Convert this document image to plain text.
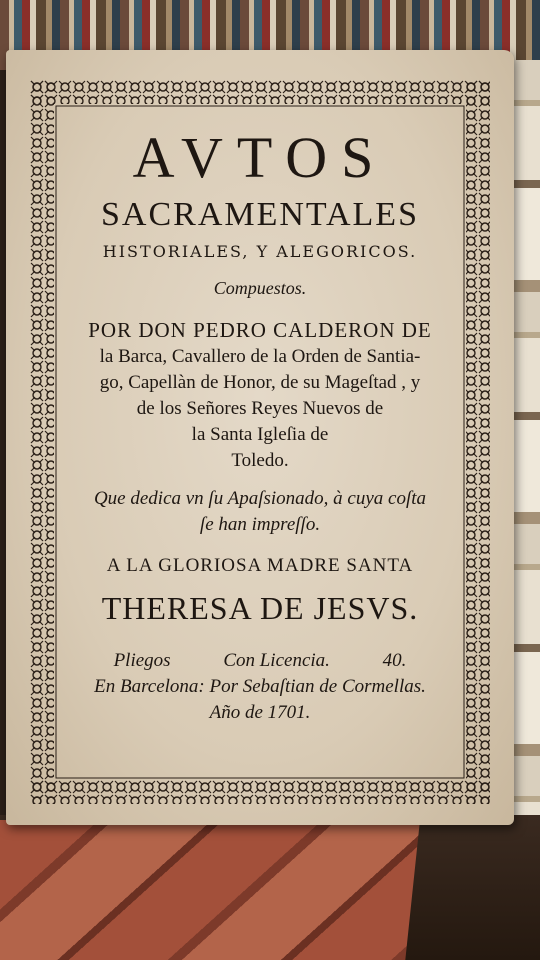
AVTOS
SACRAMENTALES
HISTORIALES, Y ALEGORICOS.
Compuestos.
POR DON PEDRO CALDERON DE
la Barca, Cavallero de la Orden de Santia-
go, Capellàn de Honor, de su Mageſtad , y
de los Señores Reyes Nuevos de
la Santa Igleſia de
Toledo.
Que dedica vn ſu Apaſsionado, à cuya coſta
ſe han impreſſo.
A LA GLORIOSA MADRE SANTA
THERESA DE JESVS.
Pliegos	Con Licencia.	40.
En Barcelona: Por Sebaſtian de Cormellas.
Año de 1701.
